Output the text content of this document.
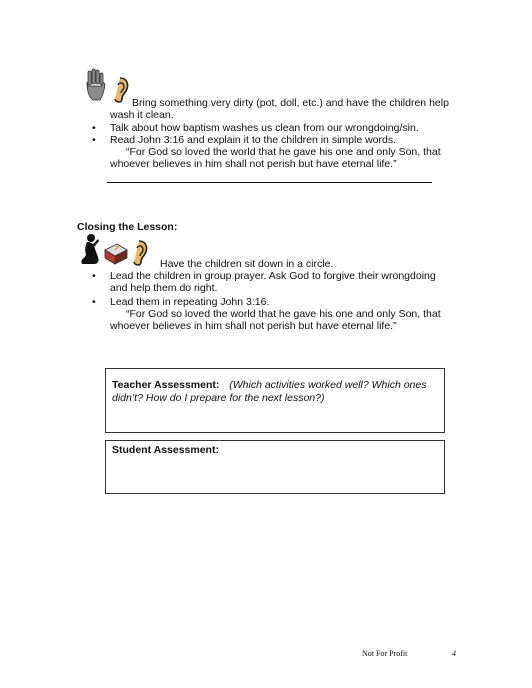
Bring something very dirty (pot, doll, etc.) and have the children help
wash it clean.
•	Talk about how baptism washes us clean from our wrongdoing/sin.
•	Read John 3:16 and explain it to the children in simple words.
“For God so loved the world that he gave his one and only Son, that
whoever believes in him shall not perish but have eternal life.”
Closing the Lesson:
Have the children sit down in a circle.
•	Lead the children in group prayer. Ask God to forgive their wrongdoing
and help them do right.
•	Lead them in repeating John 3:16.
“For God so loved the world that he gave his one and only Son, that
whoever believes in him shall not perish but have eternal life.”
Teacher Assessment: (Which activities worked well? Which ones
didn’t? How do I prepare for the next lesson?)
Student Assessment:
Not For Profit	4
